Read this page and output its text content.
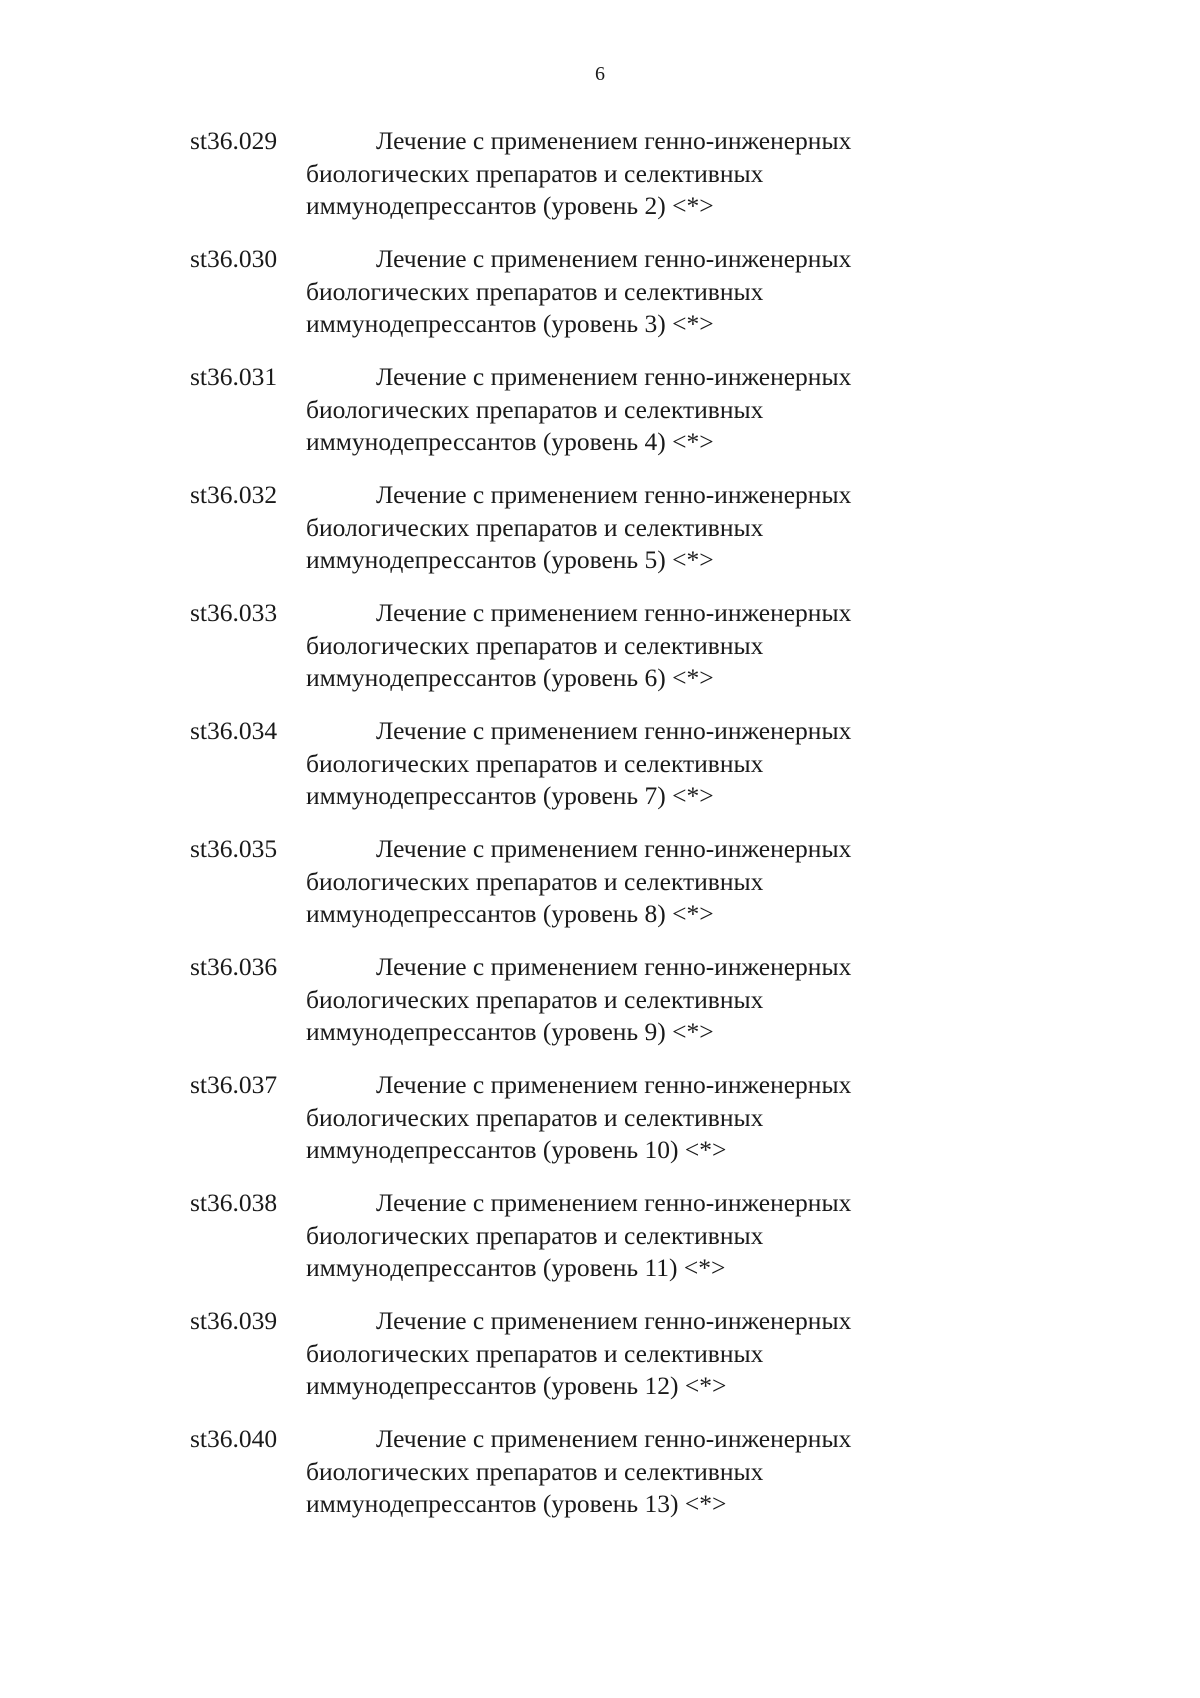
6
st36.029	Лечение с применением генно-инженерных
биологических препаратов и селективных
иммунодепрессантов (уровень 2) <*>
st36.030	Лечение с применением генно-инженерных
биологических препаратов и селективных
иммунодепрессантов (уровень 3) <*>
st36.031	Лечение с применением генно-инженерных
биологических препаратов и селективных
иммунодепрессантов (уровень 4) <*>
st36.032	Лечение с применением генно-инженерных
биологических препаратов и селективных
иммунодепрессантов (уровень 5) <*>
st36.033	Лечение с применением генно-инженерных
биологических препаратов и селективных
иммунодепрессантов (уровень 6) <*>
st36.034	Лечение с применением генно-инженерных
биологических препаратов и селективных
иммунодепрессантов (уровень 7) <*>
st36.035	Лечение с применением генно-инженерных
биологических препаратов и селективных
иммунодепрессантов (уровень 8) <*>
st36.036	Лечение с применением генно-инженерных
биологических препаратов и селективных
иммунодепрессантов (уровень 9) <*>
st36.037	Лечение с применением генно-инженерных
биологических препаратов и селективных
иммунодепрессантов (уровень 10) <*>
st36.038	Лечение с применением генно-инженерных
биологических препаратов и селективных
иммунодепрессантов (уровень 11) <*>
st36.039	Лечение с применением генно-инженерных
биологических препаратов и селективных
иммунодепрессантов (уровень 12) <*>
st36.040	Лечение с применением генно-инженерных
биологических препаратов и селективных
иммунодепрессантов (уровень 13) <*>
